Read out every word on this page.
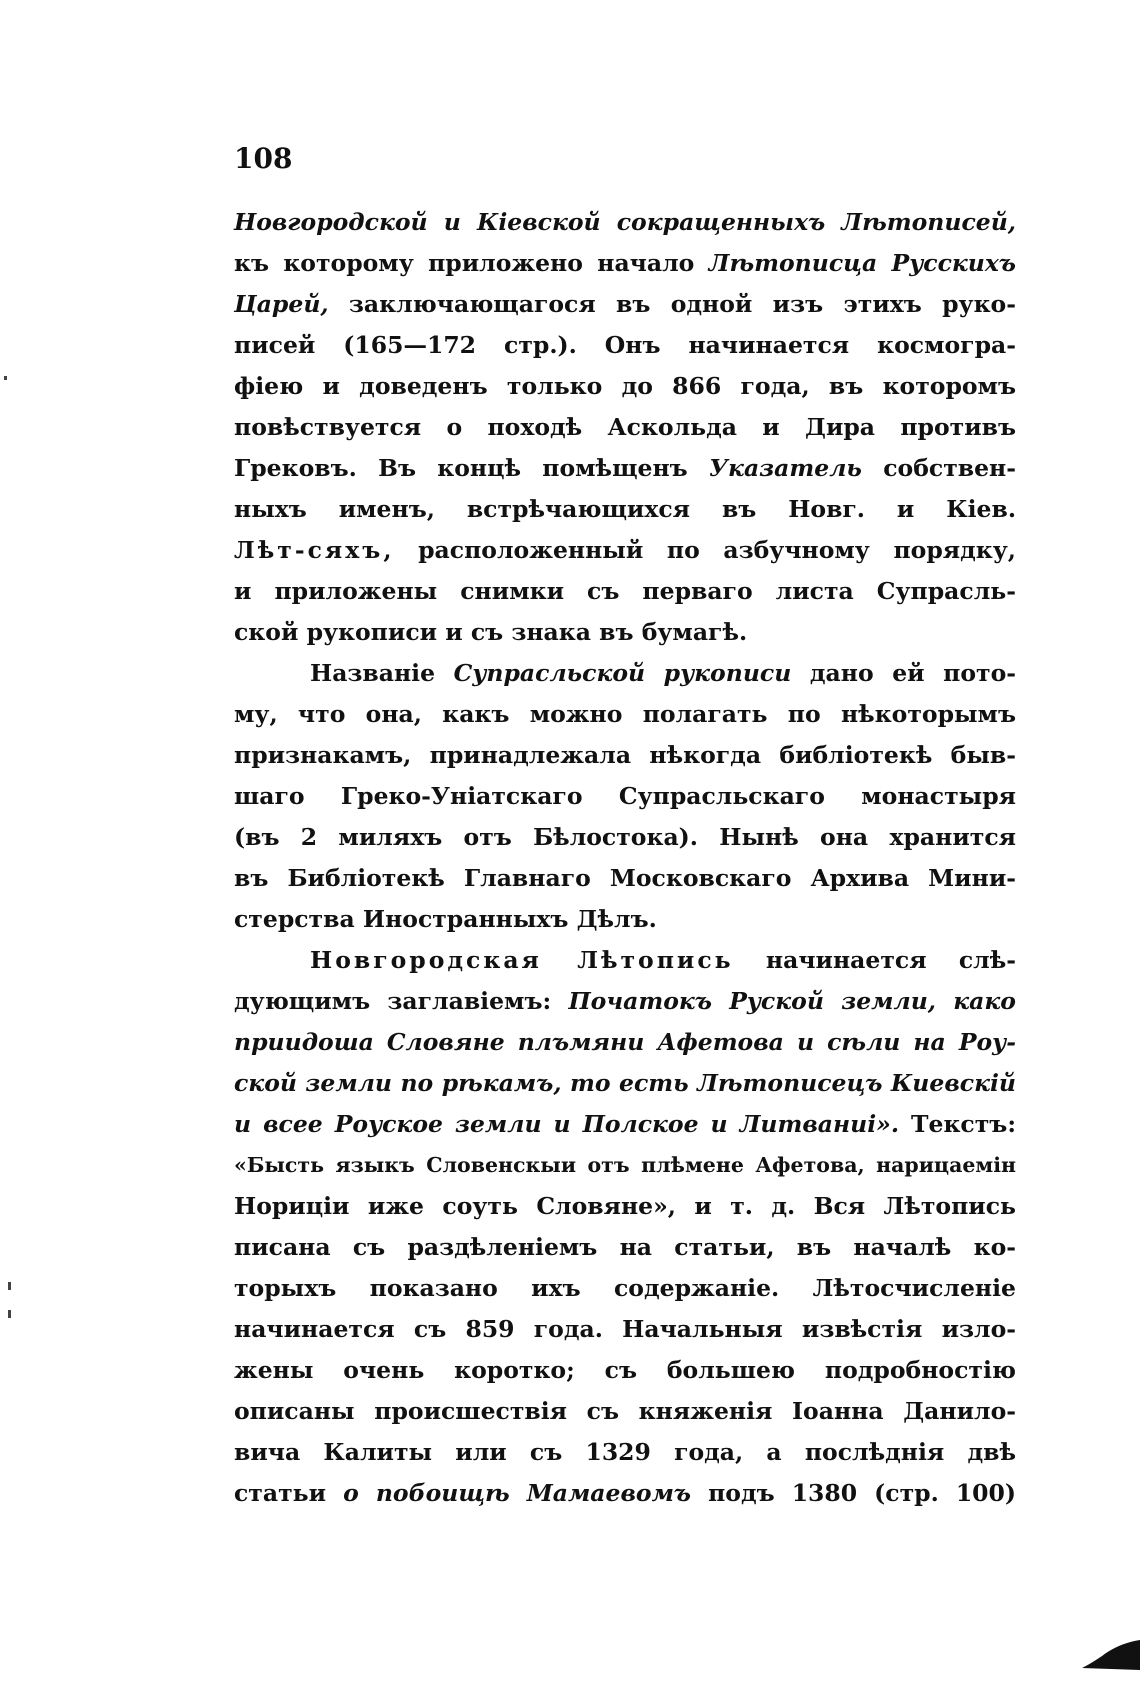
108
Новгородской и Кіевской сокращенныхъ Лѣтописей,
къ которому приложено начало Лѣтописца Русскихъ
Царей, заключающагося въ одной изъ этихъ руко-
писей (165—172 стр.). Онъ начинается космогра-
фіею и доведенъ только до 866 года, въ которомъ
повѣствуется о походѣ Аскольда и Дира противъ
Грековъ. Въ концѣ помѣщенъ Указатель собствен-
ныхъ именъ, встрѣчающихся въ Новг. и Кіев.
Лѣт-сяхъ, расположенный по азбучному порядку,
и приложены снимки съ перваго листа Супрасль-
ской рукописи и съ знака въ бумагѣ.
Названіе Супрасльской рукописи дано ей пото-
му, что она, какъ можно полагать по нѣкоторымъ
признакамъ, принадлежала нѣкогда библіотекѣ быв-
шаго Греко-Уніатскаго Супрасльскаго монастыря
(въ 2 миляхъ отъ Бѣлостока). Нынѣ она хранится
въ Библіотекѣ Главнаго Московскаго Архива Мини-
стерства Иностранныхъ Дѣлъ.
Новгородская Лѣтопись начинается слѣ-
дующимъ заглавіемъ: Початокъ Руской земли, како
приидоша Словяне плъмяни Афетова и сѣли на Роу-
ской земли по рѣкамъ, то есть Лѣтописецъ Киевскій
и всее Роуское земли и Полское и Литваниі». Текстъ:
«Бысть языкъ Словенскыи отъ плѣмене Афетова, нарицаемін
Нориціи иже соуть Словяне», и т. д. Вся Лѣтопись
писана съ раздѣленіемъ на статьи, въ началѣ ко-
торыхъ показано ихъ содержаніе. Лѣтосчисленіе
начинается съ 859 года. Начальныя извѣстія изло-
жены очень коротко; съ большею подробностію
описаны происшествія съ княженія Іоанна Данило-
вича Калиты или съ 1329 года, а послѣднія двѣ
статьи о побоищѣ Мамаевомъ подъ 1380 (стр. 100)
